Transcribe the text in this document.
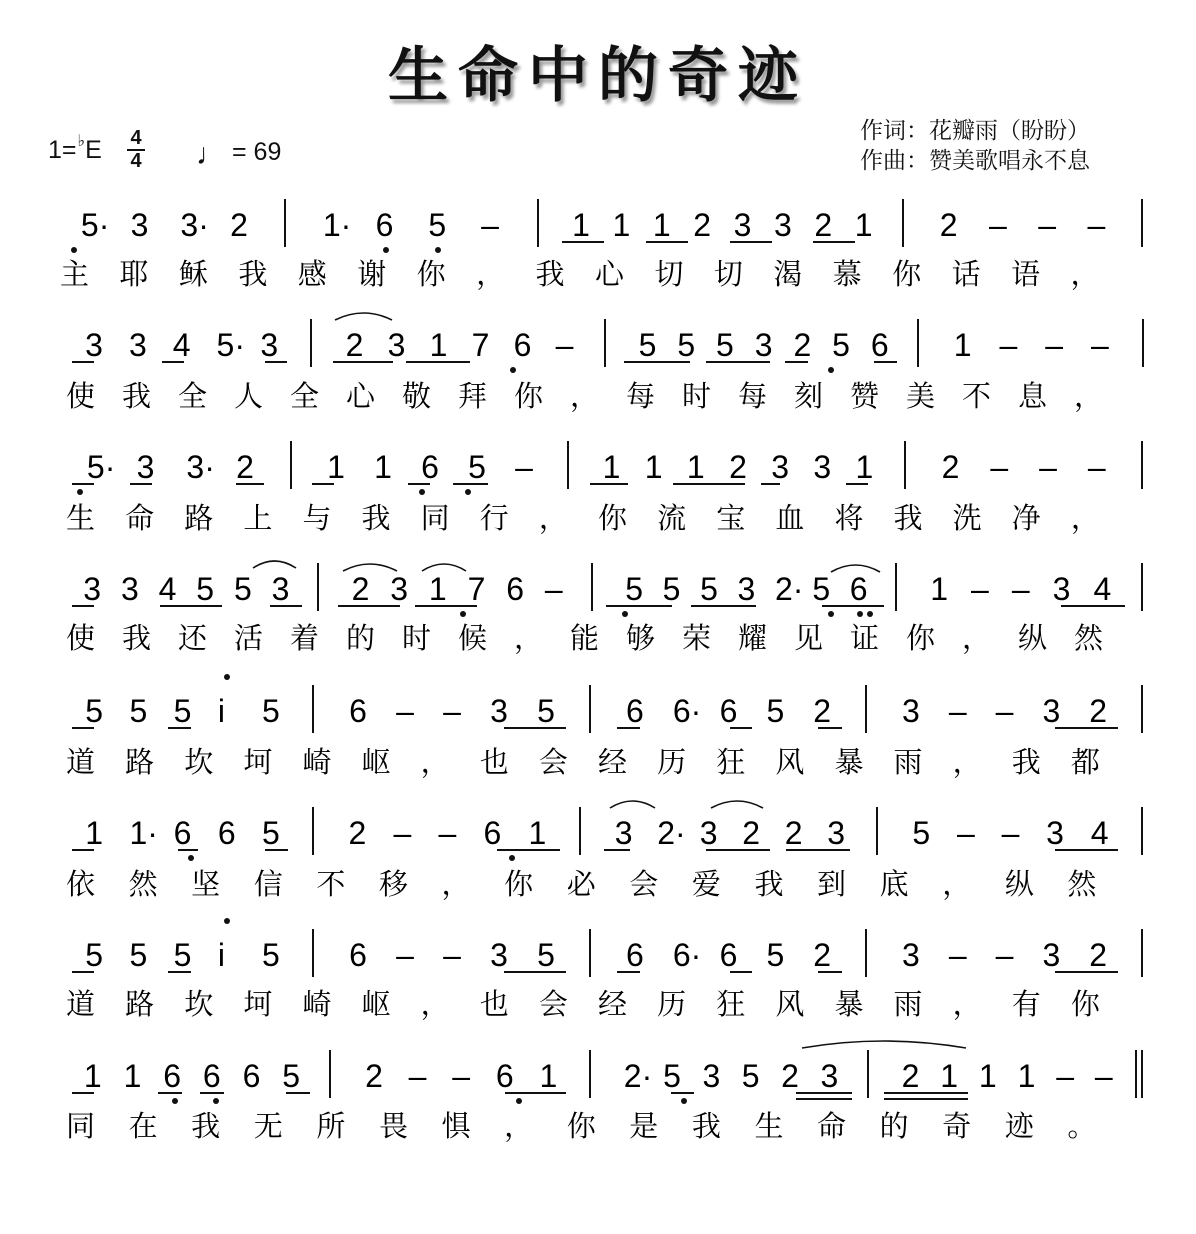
生命中的奇迹
1=♭E 4
4 ♩ = 69
作词：花瓣雨（盼盼）
作曲：赞美歌唱永不息
5· 3 3· 2 1· 6 5 – 1 1 1 2 3 3 2 1 2 – – –
主 耶 稣 我 感 谢 你 ， 我 心 切 切 渴 慕 你 话 语 ，
3 3 4 5· 3 2 3 1 7 6 – 5 5 5 3 2 5 6 1 – – –
使 我 全 人 全 心 敬 拜 你 ， 每 时 每 刻 赞 美 不 息 ，
5· 3 3· 2 1 1 6 5 – 1 1 1 2 3 3 1 2 – – –
生 命 路 上 与 我 同 行 ， 你 流 宝 血 将 我 洗 净 ，
3 3 4 5 5 3 2 3 1 7 6 – 5 5 5 3 2· 5 6 1 – – 3 4
使 我 还 活 着 的 时 候 ， 能 够 荣 耀 见 证 你 ， 纵 然
5 5 5 i 5 6 – – 3 5 6 6· 6 5 2 3 – – 3 2
道 路 坎 坷 崎 岖 ， 也 会 经 历 狂 风 暴 雨 ， 我 都
1 1· 6 6 5 2 – – 6 1 3 2· 3 2 2 3 5 – – 3 4
依 然 坚 信 不 移 ， 你 必 会 爱 我 到 底 ， 纵 然
5 5 5 i 5 6 – – 3 5 6 6· 6 5 2 3 – – 3 2
道 路 坎 坷 崎 岖 ， 也 会 经 历 狂 风 暴 雨 ， 有 你
1 1 6 6 6 5 2 – – 6 1 2· 5 3 5 2 3 2 1 1 1 – –
同 在 我 无 所 畏 惧 ， 你 是 我 生 命 的 奇 迹 。
